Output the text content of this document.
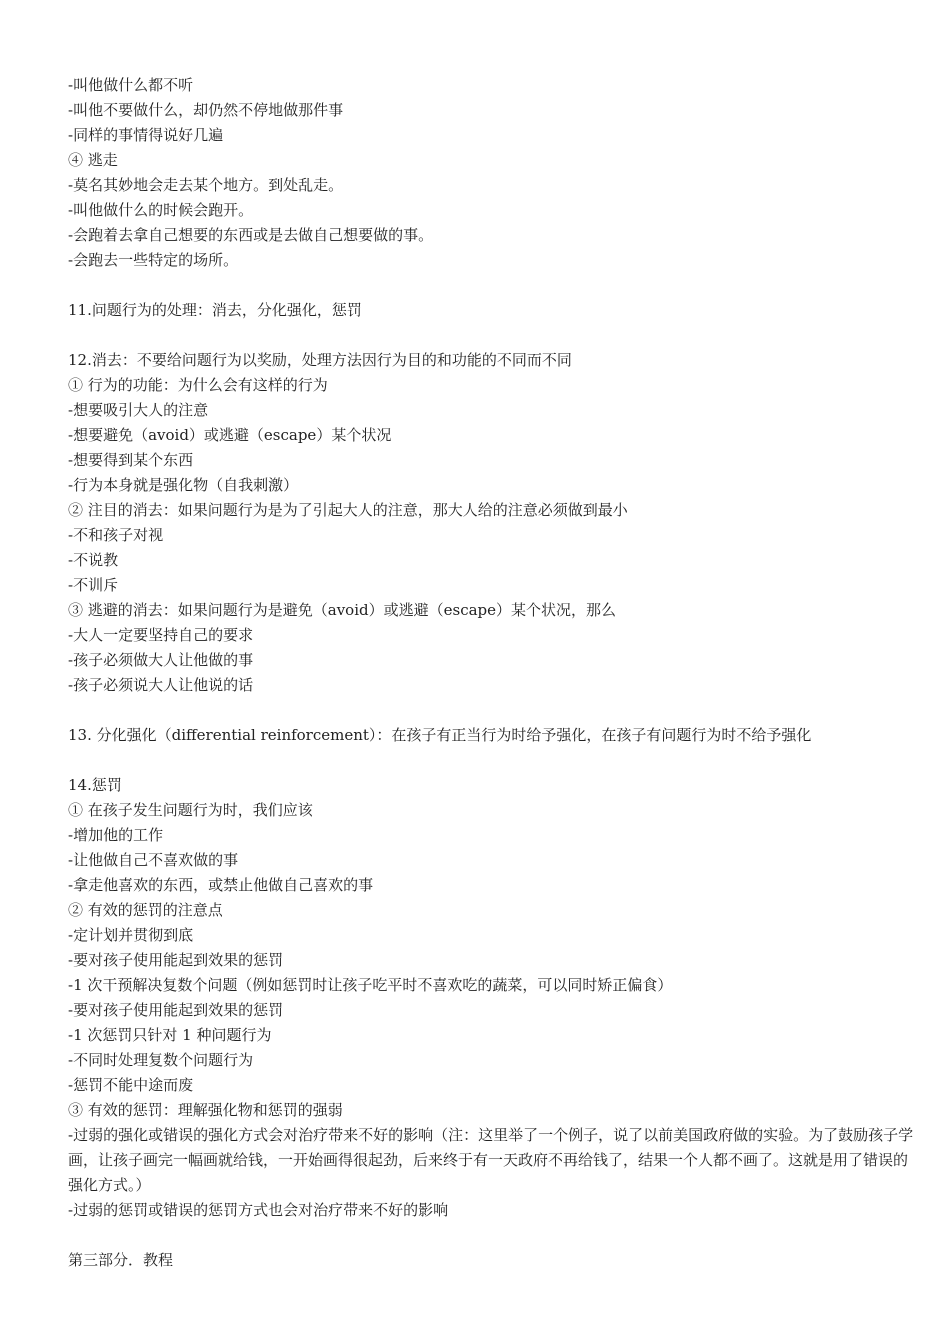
-叫他做什么都不听
-叫他不要做什么，却仍然不停地做那件事
-同样的事情得说好几遍
④ 逃走
-莫名其妙地会走去某个地方。到处乱走。
-叫他做什么的时候会跑开。
-会跑着去拿自己想要的东西或是去做自己想要做的事。
-会跑去一些特定的场所。
11.问题行为的处理：消去，分化强化，惩罚
12.消去：不要给问题行为以奖励，处理方法因行为目的和功能的不同而不同
① 行为的功能：为什么会有这样的行为
-想要吸引大人的注意
-想要避免（avoid）或逃避（escape）某个状况
-想要得到某个东西
-行为本身就是强化物（自我刺激）
② 注目的消去：如果问题行为是为了引起大人的注意，那大人给的注意必须做到最小
-不和孩子对视
-不说教
-不训斥
③ 逃避的消去：如果问题行为是避免（avoid）或逃避（escape）某个状况，那么
-大人一定要坚持自己的要求
-孩子必须做大人让他做的事
-孩子必须说大人让他说的话
13. 分化强化（differential reinforcement）：在孩子有正当行为时给予强化，在孩子有问题行为时不给予强化
14.惩罚
① 在孩子发生问题行为时，我们应该
-增加他的工作
-让他做自己不喜欢做的事
-拿走他喜欢的东西，或禁止他做自己喜欢的事
② 有效的惩罚的注意点
-定计划并贯彻到底
-要对孩子使用能起到效果的惩罚
-1 次干预解决复数个问题（例如惩罚时让孩子吃平时不喜欢吃的蔬菜，可以同时矫正偏食）
-要对孩子使用能起到效果的惩罚
-1 次惩罚只针对 1 种问题行为
-不同时处理复数个问题行为
-惩罚不能中途而废
③ 有效的惩罚：理解强化物和惩罚的强弱
-过弱的强化或错误的强化方式会对治疗带来不好的影响（注：这里举了一个例子，说了以前美国政府做的实验。为了鼓励孩子学画，让孩子画完一幅画就给钱，一开始画得很起劲，后来终于有一天政府不再给钱了，结果一个人都不画了。这就是用了错误的强化方式。）
-过弱的惩罚或错误的惩罚方式也会对治疗带来不好的影响
第三部分．教程
